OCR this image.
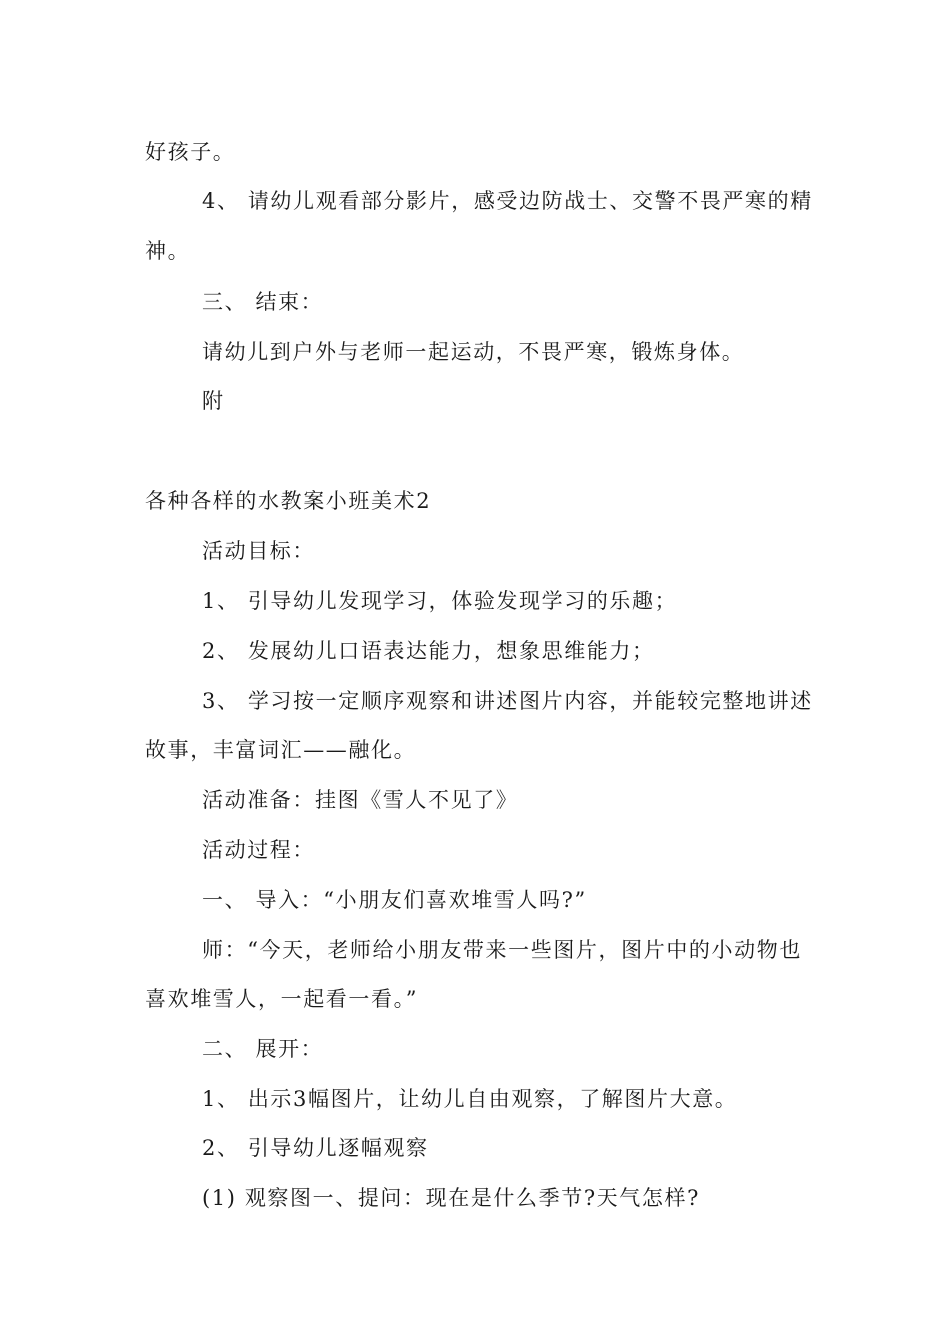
好孩子。
4、 请幼儿观看部分影片，感受边防战士、交警不畏严寒的精
神。
三、 结束：
请幼儿到户外与老师一起运动，不畏严寒，锻炼身体。
附
各种各样的水教案小班美术2
活动目标：
1、 引导幼儿发现学习，体验发现学习的乐趣；
2、 发展幼儿口语表达能力，想象思维能力；
3、 学习按一定顺序观察和讲述图片内容，并能较完整地讲述
故事，丰富词汇——融化。
活动准备：挂图《雪人不见了》
活动过程：
一、 导入：“小朋友们喜欢堆雪人吗?”
师：“今天，老师给小朋友带来一些图片，图片中的小动物也
喜欢堆雪人，一起看一看。”
二、 展开：
1、 出示3幅图片，让幼儿自由观察，了解图片大意。
2、 引导幼儿逐幅观察
(1) 观察图一、提问：现在是什么季节?天气怎样?
